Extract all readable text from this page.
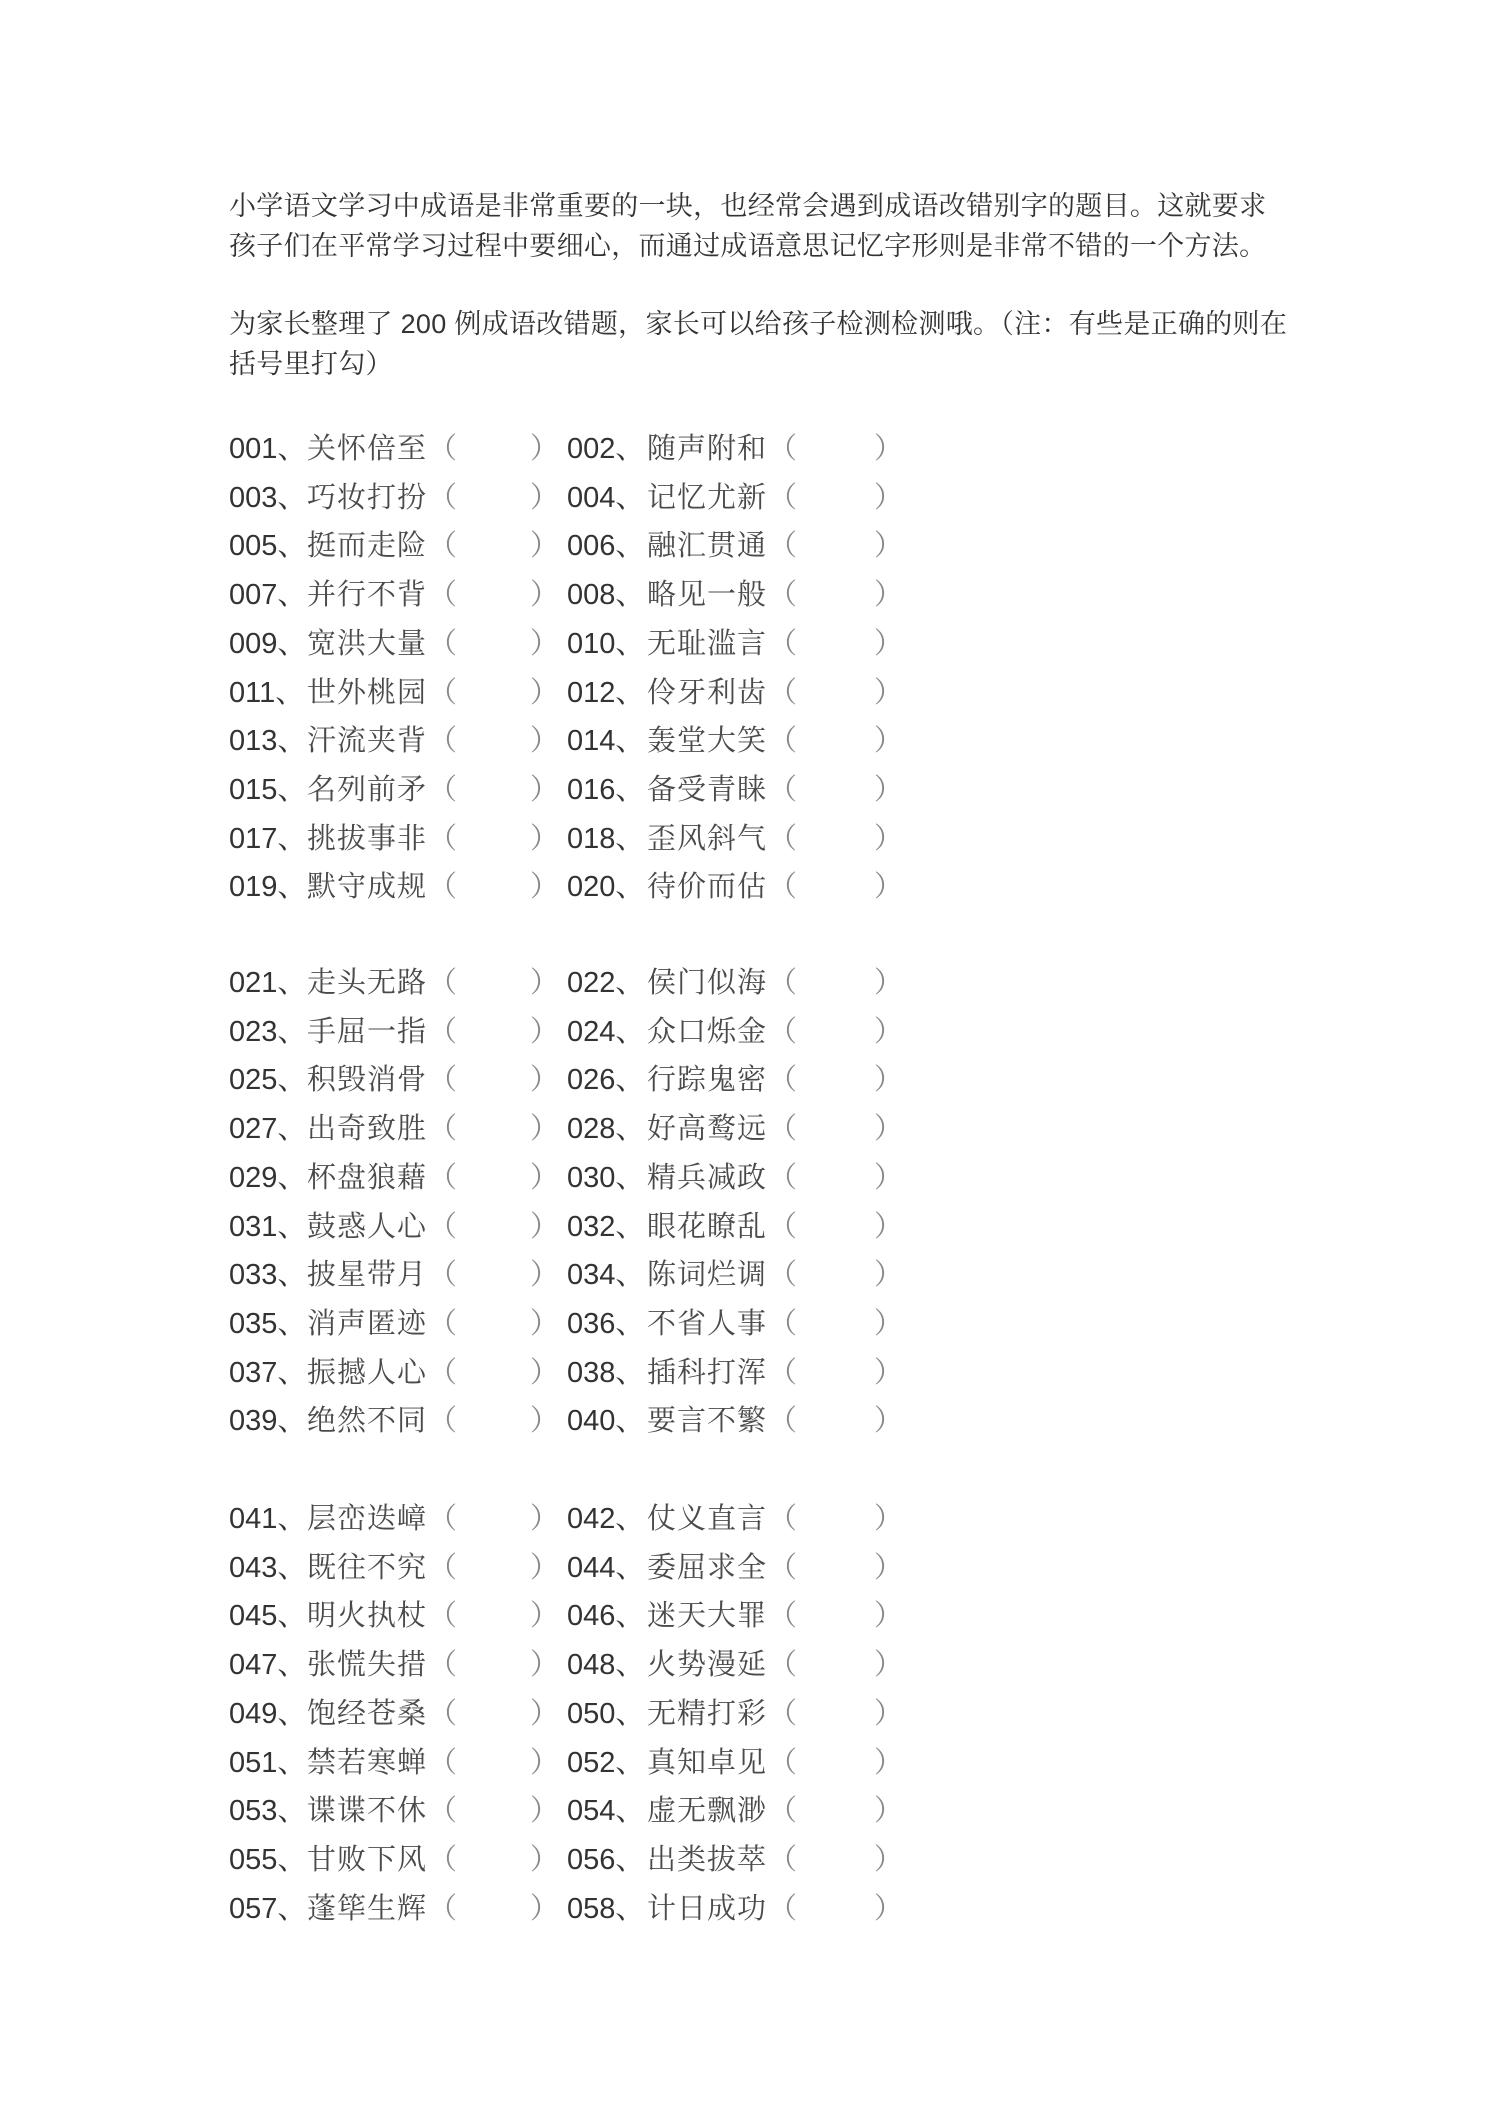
小学语文学习中成语是非常重要的一块，也经常会遇到成语改错别字的题目。这就要求孩子们在平常学习过程中要细心，而通过成语意思记忆字形则是非常不错的一个方法。
为家长整理了 200 例成语改错题，家长可以给孩子检测检测哦。（注：有些是正确的则在括号里打勾）
001、 关怀倍至 （	） 002、 随声附和 （	）
003、 巧妆打扮 （	） 004、 记忆尤新 （	）
005、 挺而走险 （	） 006、 融汇贯通 （	）
007、 并行不背 （	） 008、 略见一般 （	）
009、 宽洪大量 （	） 010、 无耻滥言 （	）
011、 世外桃园 （	） 012、 伶牙利齿 （	）
013、 汗流夹背 （	） 014、 轰堂大笑 （	）
015、 名列前矛 （	） 016、 备受青睐 （	）
017、 挑拔事非 （	） 018、 歪风斜气 （	）
019、 默守成规 （	） 020、 待价而估 （	）
021、 走头无路 （	） 022、 侯门似海 （	）
023、 手屈一指 （	） 024、 众口烁金 （	）
025、 积毁消骨 （	） 026、 行踪鬼密 （	）
027、 出奇致胜 （	） 028、 好高鹜远 （	）
029、 杯盘狼藉 （	） 030、 精兵减政 （	）
031、 鼓惑人心 （	） 032、 眼花瞭乱 （	）
033、 披星带月 （	） 034、 陈词烂调 （	）
035、 消声匿迹 （	） 036、 不省人事 （	）
037、 振撼人心 （	） 038、 插科打浑 （	）
039、 绝然不同 （	） 040、 要言不繁 （	）
041、 层峦迭嶂 （	） 042、 仗义直言 （	）
043、 既往不究 （	） 044、 委屈求全 （	）
045、 明火执杖 （	） 046、 迷天大罪 （	）
047、 张慌失措 （	） 048、 火势漫延 （	）
049、 饱经苍桑 （	） 050、 无精打彩 （	）
051、 禁若寒蝉 （	） 052、 真知卓见 （	）
053、 谍谍不休 （	） 054、 虚无飘渺 （	）
055、 甘败下风 （	） 056、 出类拔萃 （	）
057、 蓬筚生辉 （	） 058、 计日成功 （	）
